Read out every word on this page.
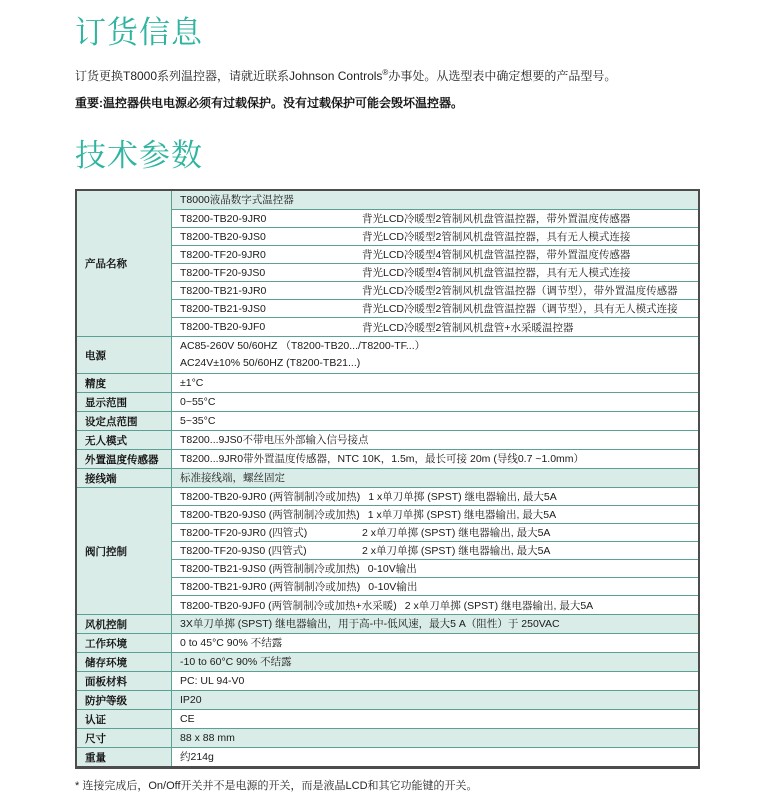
订货信息

订货更换T8000系列温控器，请就近联系Johnson Controls®办事处。从选型表中确定想要的产品型号。

重要:温控器供电电源必须有过载保护。没有过载保护可能会毁坏温控器。

技术参数
产品名称
T8000液晶数字式温控器
T8200-TB20-9JR0	背光LCD冷暖型2管制风机盘管温控器，带外置温度传感器
T8200-TB20-9JS0	背光LCD冷暖型2管制风机盘管温控器，具有无人模式连接
T8200-TF20-9JR0	背光LCD冷暖型4管制风机盘管温控器，带外置温度传感器
T8200-TF20-9JS0	背光LCD冷暖型4管制风机盘管温控器，具有无人模式连接
T8200-TB21-9JR0	背光LCD冷暖型2管制风机盘管温控器（调节型），带外置温度传感器
T8200-TB21-9JS0	背光LCD冷暖型2管制风机盘管温控器（调节型），具有无人模式连接
T8200-TB20-9JF0	背光LCD冷暖型2管制风机盘管+水采暖温控器
电源
AC85-260V 50/60HZ （T8200-TB20.../T8200-TF...）
AC24V±10% 50/60HZ (T8200-TB21...)
精度	±1°C
显示范围	0~55°C
设定点范围	5~35°C
无人模式	T8200...9JS0不带电压外部输入信号接点
外置温度传感器	T8200...9JR0带外置温度传感器，NTC 10K，1.5m，最长可接 20m (导线0.7 ~1.0mm）
接线端	标准接线端，螺丝固定
阀门控制
T8200-TB20-9JR0 (两管制制冷或加热) 1 x单刀单掷 (SPST) 继电器输出, 最大5A
T8200-TB20-9JS0 (两管制制冷或加热) 1 x单刀单掷 (SPST) 继电器输出, 最大5A
T8200-TF20-9JR0 (四管式)	2 x单刀单掷 (SPST) 继电器输出, 最大5A
T8200-TF20-9JS0 (四管式)	2 x单刀单掷 (SPST) 继电器输出, 最大5A
T8200-TB21-9JS0 (两管制制冷或加热) 0-10V输出
T8200-TB21-9JR0 (两管制制冷或加热) 0-10V输出
T8200-TB20-9JF0 (两管制制冷或加热+水采暖) 2 x单刀单掷 (SPST) 继电器输出, 最大5A
风机控制	3X单刀单掷 (SPST) 继电器输出，用于高-中-低风速，最大5 A（阻性）于 250VAC
工作环境	0 to 45°C 90% 不结露
储存环境	-10 to 60°C 90% 不结露
面板材料	PC: UL 94-V0
防护等级	IP20
认证	CE
尺寸	88 x 88 mm
重量	约214g

* 连接完成后，On/Off开关并不是电源的开关，而是液晶LCD和其它功能键的开关。
